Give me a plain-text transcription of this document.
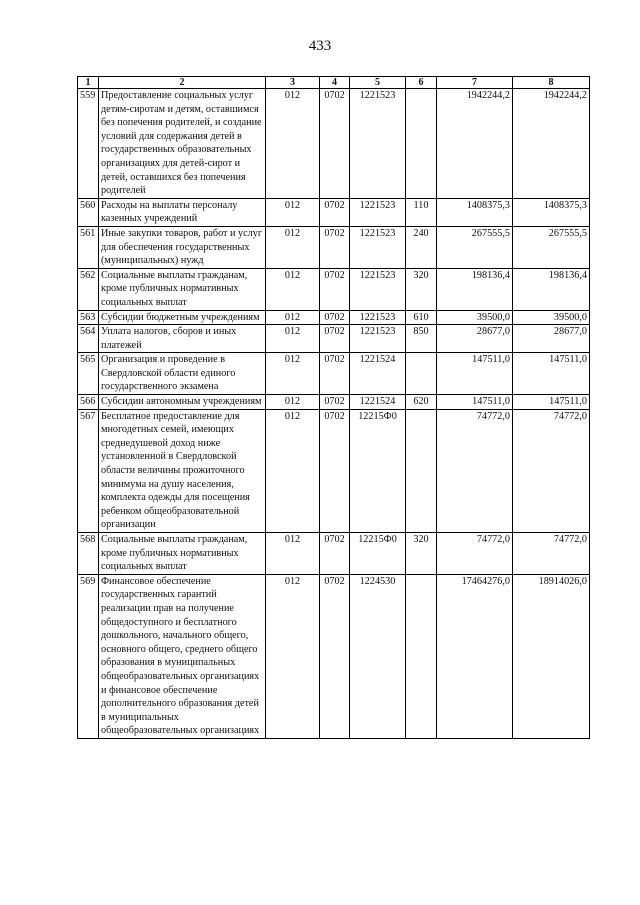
433
1	2	3	4	5	6	7	8
559	Предоставление социальных услуг детям-сиротам и детям, оставшимся без попечения родителей, и создание условий для содержания детей в государственных образовательных организациях для детей-сирот и детей, оставшихся без попечения родителей	012	0702	1221523		1942244,2	1942244,2
560	Расходы на выплаты персоналу казенных учреждений	012	0702	1221523	110	1408375,3	1408375,3
561	Иные закупки товаров, работ и услуг для обеспечения государственных (муниципальных) нужд	012	0702	1221523	240	267555,5	267555,5
562	Социальные выплаты гражданам, кроме публичных нормативных социальных выплат	012	0702	1221523	320	198136,4	198136,4
563	Субсидии бюджетным учреждениям	012	0702	1221523	610	39500,0	39500,0
564	Уплата налогов, сборов и иных платежей	012	0702	1221523	850	28677,0	28677,0
565	Организация и проведение в Свердловской области единого государственного экзамена	012	0702	1221524		147511,0	147511,0
566	Субсидии автономным учреждениям	012	0702	1221524	620	147511,0	147511,0
567	Бесплатное предоставление для многодетных семей, имеющих среднедушевой доход ниже установленной в Свердловской области величины прожиточного минимума на душу населения, комплекта одежды для посещения ребенком общеобразовательной организации	012	0702	12215Ф0		74772,0	74772,0
568	Социальные выплаты гражданам, кроме публичных нормативных социальных выплат	012	0702	12215Ф0	320	74772,0	74772,0
569	Финансовое обеспечение государственных гарантий реализации прав на получение общедоступного и бесплатного дошкольного, начального общего, основного общего, среднего общего образования в муниципальных общеобразовательных организациях и финансовое обеспечение дополнительного образования детей в муниципальных общеобразовательных организациях	012	0702	1224530		17464276,0	18914026,0
